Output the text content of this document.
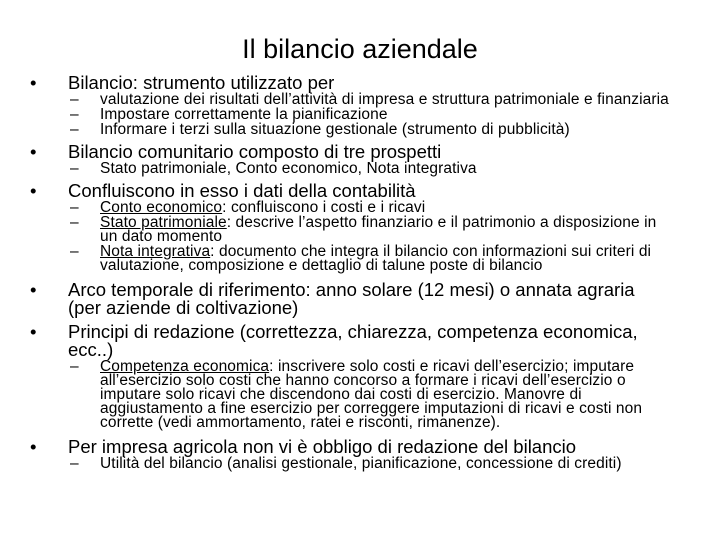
Il bilancio aziendale
• Bilancio: strumento utilizzato per
– valutazione dei risultati dell’attività di impresa e struttura patrimoniale e finanziaria
– Impostare correttamente la pianificazione
– Informare i terzi sulla situazione gestionale (strumento di pubblicità)
• Bilancio comunitario composto di tre prospetti
– Stato patrimoniale, Conto economico, Nota integrativa
• Confluiscono in esso i dati della contabilità
– Conto economico: confluiscono i costi e i ricavi
– Stato patrimoniale: descrive l’aspetto finanziario e il patrimonio a disposizione in un dato momento
– Nota integrativa: documento che integra il bilancio con informazioni sui criteri di valutazione, composizione e dettaglio di talune poste di bilancio
• Arco temporale di riferimento: anno solare (12 mesi) o annata agraria (per aziende di coltivazione)
• Principi di redazione (correttezza, chiarezza, competenza economica, ecc..)
– Competenza economica: inscrivere solo costi e ricavi dell’esercizio; imputare all’esercizio solo costi che hanno concorso a formare i ricavi dell’esercizio o imputare solo ricavi che discendono dai costi di esercizio. Manovre di aggiustamento a fine esercizio per correggere imputazioni di ricavi e costi non corrette (vedi ammortamento, ratei e risconti, rimanenze).
• Per impresa agricola non vi è obbligo di redazione del bilancio
– Utilità del bilancio (analisi gestionale, pianificazione, concessione di crediti)
